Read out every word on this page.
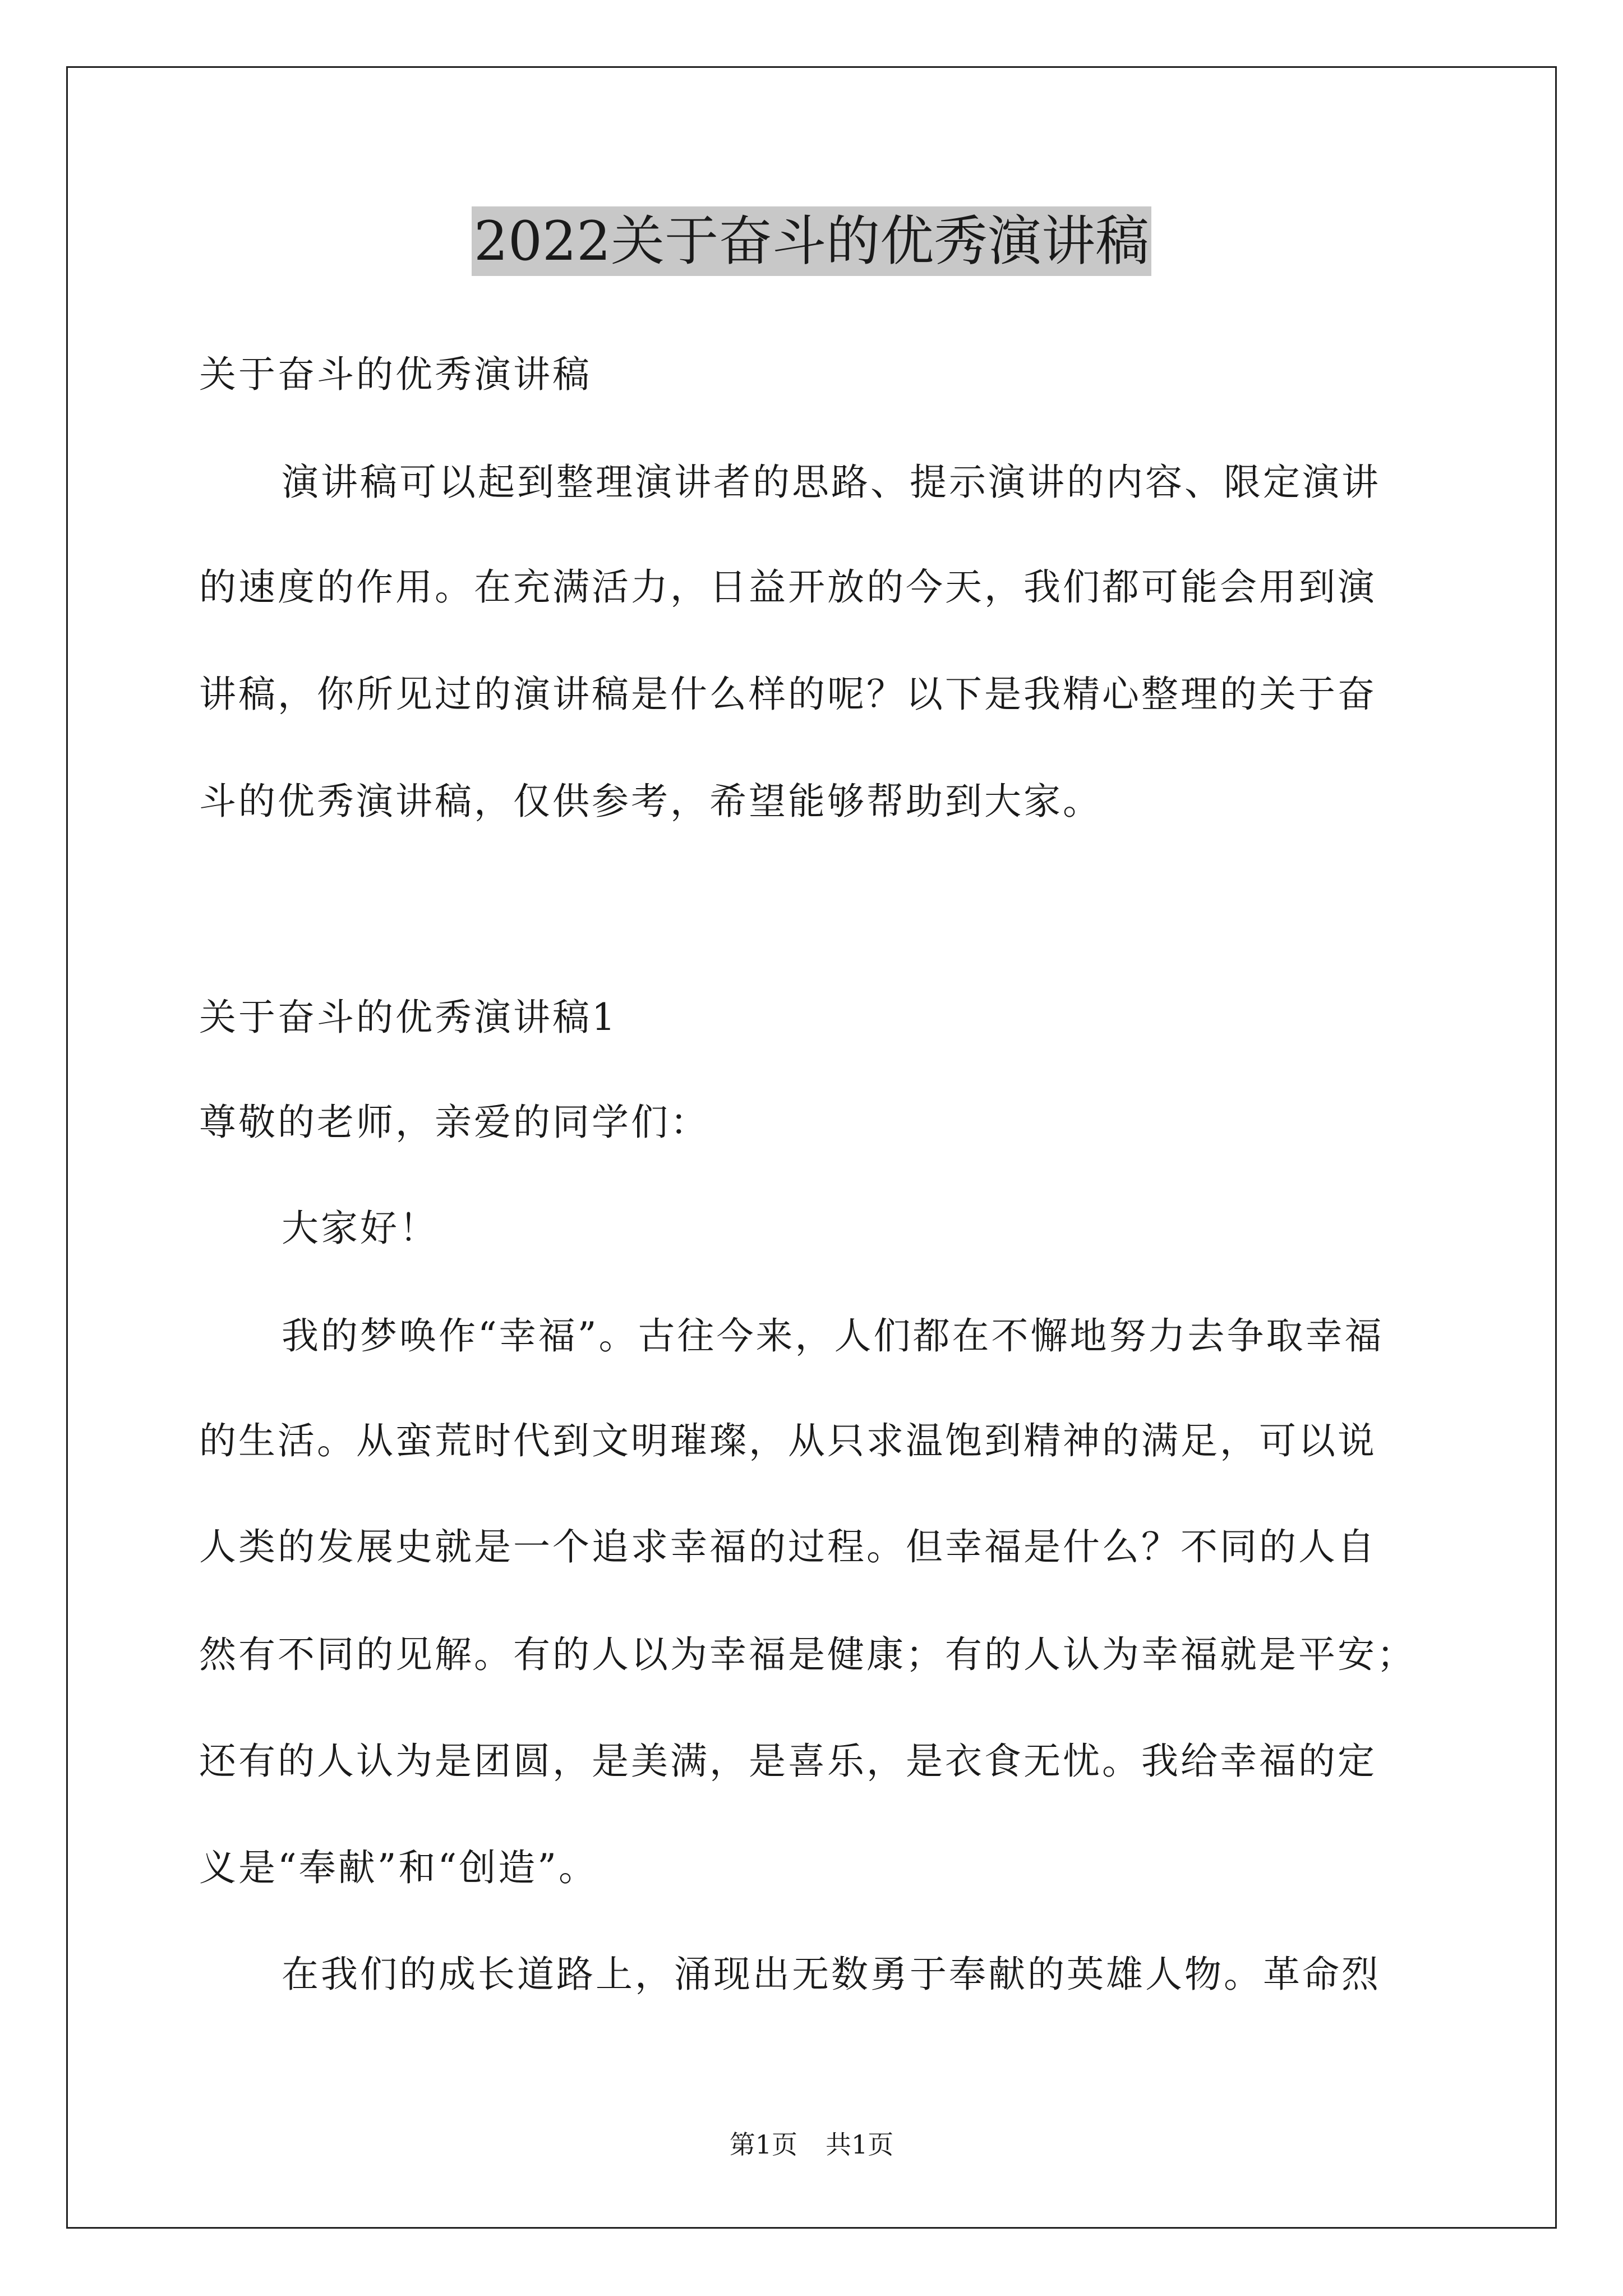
2022关于奋斗的优秀演讲稿
关于奋斗的优秀演讲稿
演讲稿可以起到整理演讲者的思路、提示演讲的内容、限定演讲
的速度的作用。在充满活力，日益开放的今天，我们都可能会用到演
讲稿，你所见过的演讲稿是什么样的呢？以下是我精心整理的关于奋
斗的优秀演讲稿，仅供参考，希望能够帮助到大家。
关于奋斗的优秀演讲稿1
尊敬的老师，亲爱的同学们：
大家好！
我的梦唤作“幸福”。古往今来，人们都在不懈地努力去争取幸福
的生活。从蛮荒时代到文明璀璨，从只求温饱到精神的满足，可以说
人类的发展史就是一个追求幸福的过程。但幸福是什么？不同的人自
然有不同的见解。有的人以为幸福是健康；有的人认为幸福就是平安；
还有的人认为是团圆，是美满，是喜乐，是衣食无忧。我给幸福的定
义是“奉献”和“创造”。
在我们的成长道路上，涌现出无数勇于奉献的英雄人物。革命烈
第1页 共1页
